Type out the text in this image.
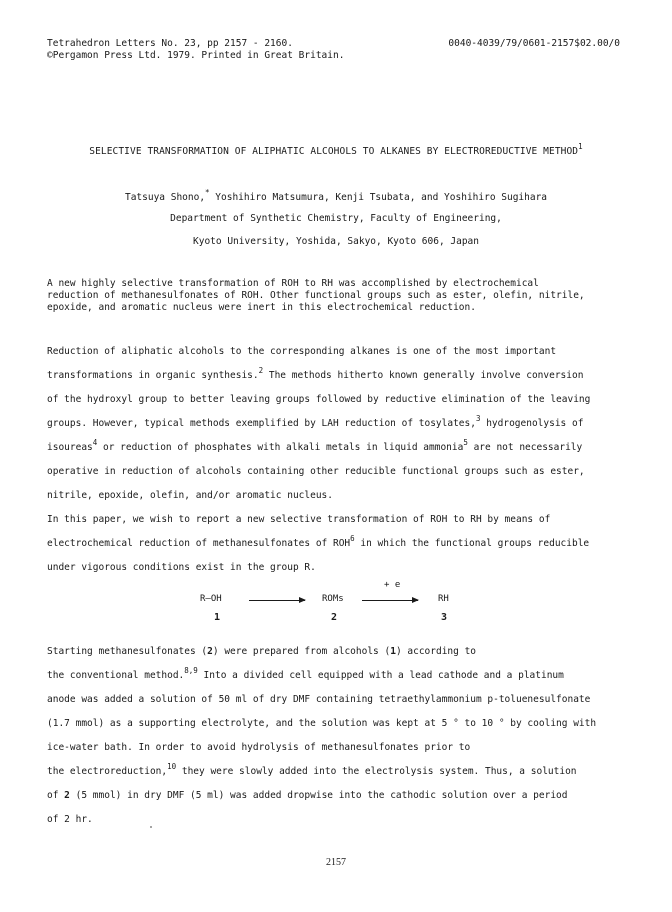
Tetrahedron Letters No. 23, pp 2157 - 2160.
©Pergamon Press Ltd. 1979. Printed in Great Britain.
0040-4039/79/0601-2157$02.00/0
SELECTIVE TRANSFORMATION OF ALIPHATIC ALCOHOLS TO ALKANES BY ELECTROREDUCTIVE METHOD$^1$
Tatsuya Shono,* Yoshihiro Matsumura, Kenji Tsubata, and Yoshihiro Sugihara
Department of Synthetic Chemistry, Faculty of Engineering,
Kyoto University, Yoshida, Sakyo, Kyoto 606, Japan
A new highly selective transformation of ROH to RH was accomplished by electrochemical
reduction of methanesulfonates of ROH. Other functional groups such as ester, olefin, nitrile,
epoxide, and aromatic nucleus were inert in this electrochemical reduction.
Reduction of aliphatic alcohols to the corresponding alkanes is one of the most important
transformations in organic synthesis.$^2$ The methods hitherto known generally involve conversion
of the hydroxyl group to better leaving groups followed by reductive elimination of the leaving
groups. However, typical methods exemplified by LAH reduction of tosylates,$^3$ hydrogenolysis of
isoureas$^4$ or reduction of phosphates with alkali metals in liquid ammonia$^5$ are not necessarily
operative in reduction of alcohols containing other reducible functional groups such as ester,
nitrile, epoxide, olefin, and/or aromatic nucleus.
In this paper, we wish to report a new selective transformation of ROH to RH by means of
electrochemical reduction of methanesulfonates of ROH$^6$ in which the functional groups reducible
under vigorous conditions exist in the group R.
+ e
R—OH → ROMs → RH
1	2	3
Starting methanesulfonates (2) were prepared from alcohols (1) according to
the conventional method.$^{8,9}$ Into a divided cell equipped with a lead cathode and a platinum
anode was added a solution of 50 ml of dry DMF containing tetraethylammonium p-toluenesulfonate
(1.7 mmol) as a supporting electrolyte, and the solution was kept at 5 ° to 10 ° by cooling with
ice-water bath. In order to avoid hydrolysis of methanesulfonates prior to
the electroreduction,$^{10}$ they were slowly added into the electrolysis system. Thus, a solution
of 2 (5 mmol) in dry DMF (5 ml) was added dropwise into the cathodic solution over a period
of 2 hr.
2157
